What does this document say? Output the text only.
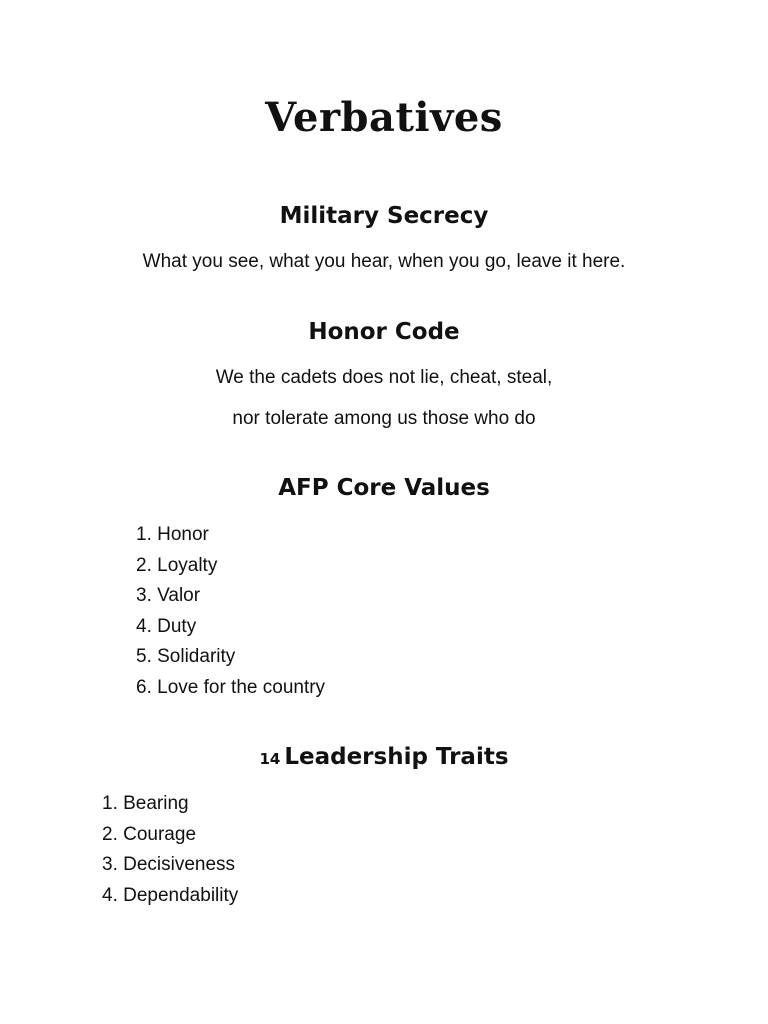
Verbatives
Military Secrecy

What you see, what you hear, when you go, leave it here.

Honor Code

We the cadets does not lie, cheat, steal,

nor tolerate among us those who do

AFP Core Values
1. Honor
2. Loyalty
3. Valor
4. Duty
5. Solidarity
6. Love for the country
14 Leadership Traits
1. Bearing
2. Courage
3. Decisiveness
4. Dependability
